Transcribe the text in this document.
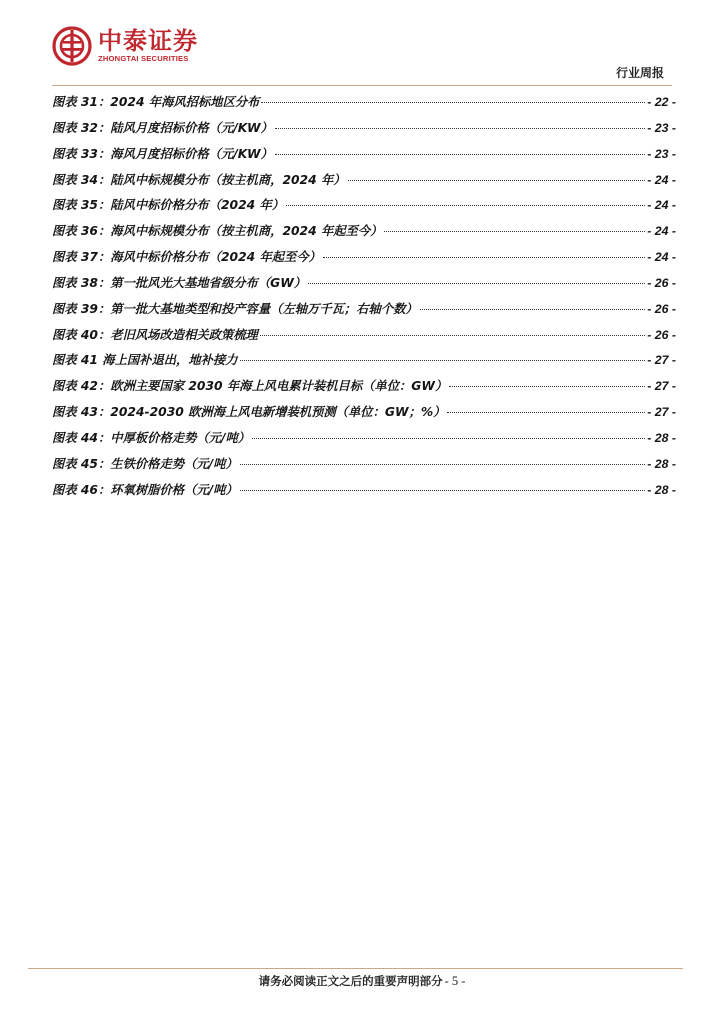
中泰证券
ZHONGTAI SECURITIES
行业周报
图表 31：2024 年海风招标地区分布	- 22 -
图表 32：陆风月度招标价格（元/KW）	- 23 -
图表 33：海风月度招标价格（元/KW）	- 23 -
图表 34：陆风中标规模分布（按主机商，2024 年）	- 24 -
图表 35：陆风中标价格分布（2024 年）	- 24 -
图表 36：海风中标规模分布（按主机商，2024 年起至今）	- 24 -
图表 37：海风中标价格分布（2024 年起至今）	- 24 -
图表 38：第一批风光大基地省级分布（GW）	- 26 -
图表 39：第一批大基地类型和投产容量（左轴万千瓦；右轴个数）	- 26 -
图表 40：老旧风场改造相关政策梳理	- 26 -
图表 41 海上国补退出，地补接力	- 27 -
图表 42：欧洲主要国家 2030 年海上风电累计装机目标（单位：GW）	- 27 -
图表 43：2024-2030 欧洲海上风电新增装机预测（单位：GW；%）	- 27 -
图表 44：中厚板价格走势（元/吨）	- 28 -
图表 45：生铁价格走势（元/吨）	- 28 -
图表 46：环氧树脂价格（元/吨）	- 28 -
请务必阅读正文之后的重要声明部分 - 5 -
